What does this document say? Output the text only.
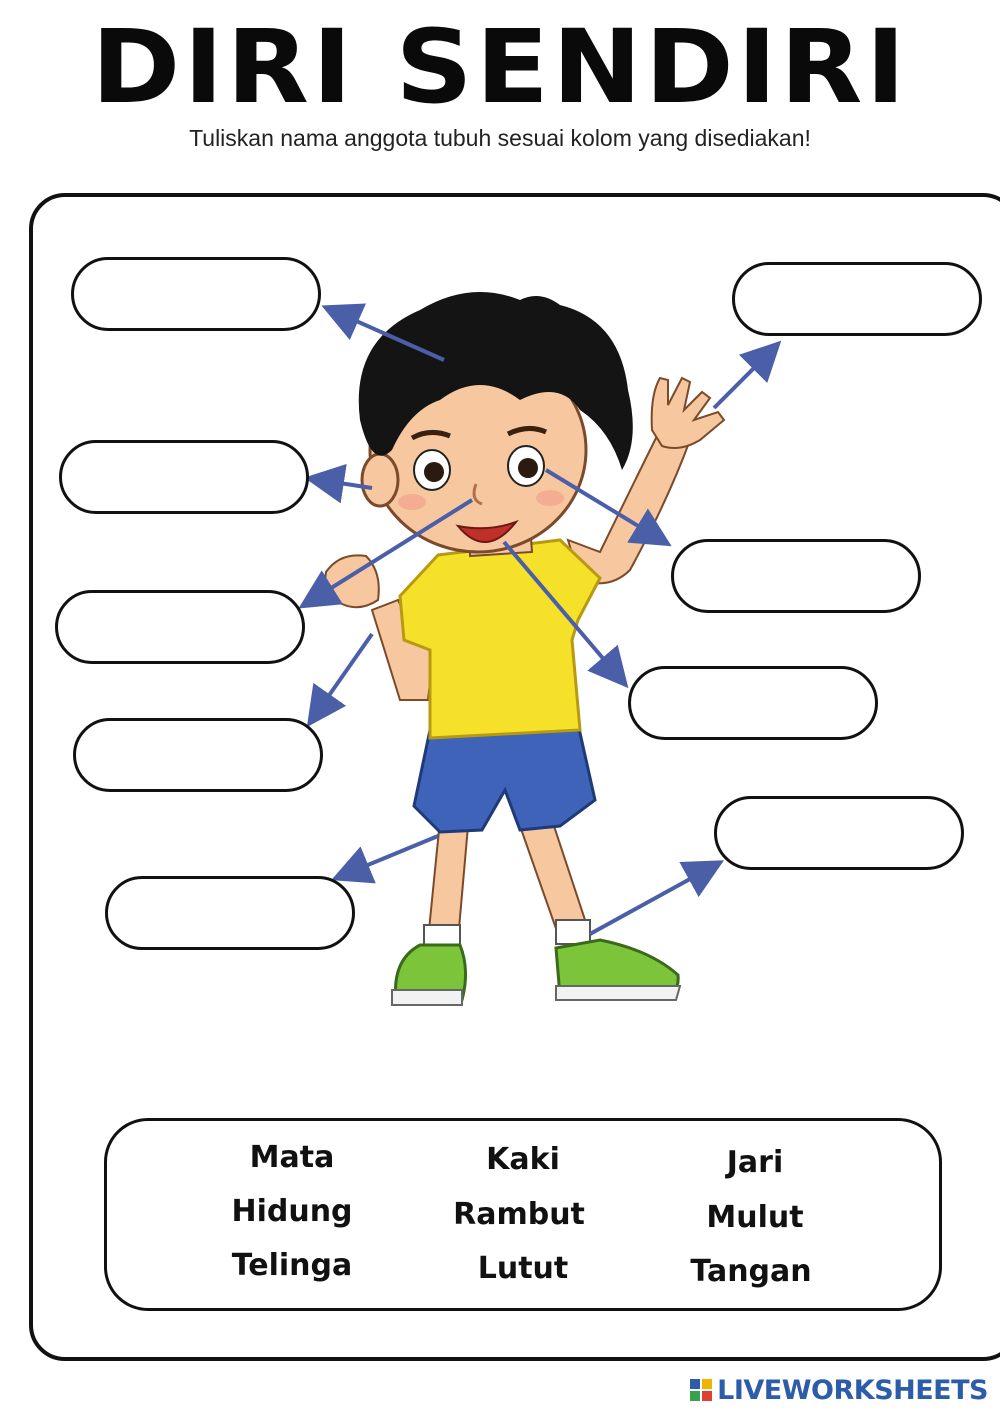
DIRI SENDIRI
Tuliskan nama anggota tubuh sesuai kolom yang disediakan!
Mata
Hidung
Telinga
Kaki
Rambut
Lutut
Jari
Mulut
Tangan
LIVEWORKSHEETS
